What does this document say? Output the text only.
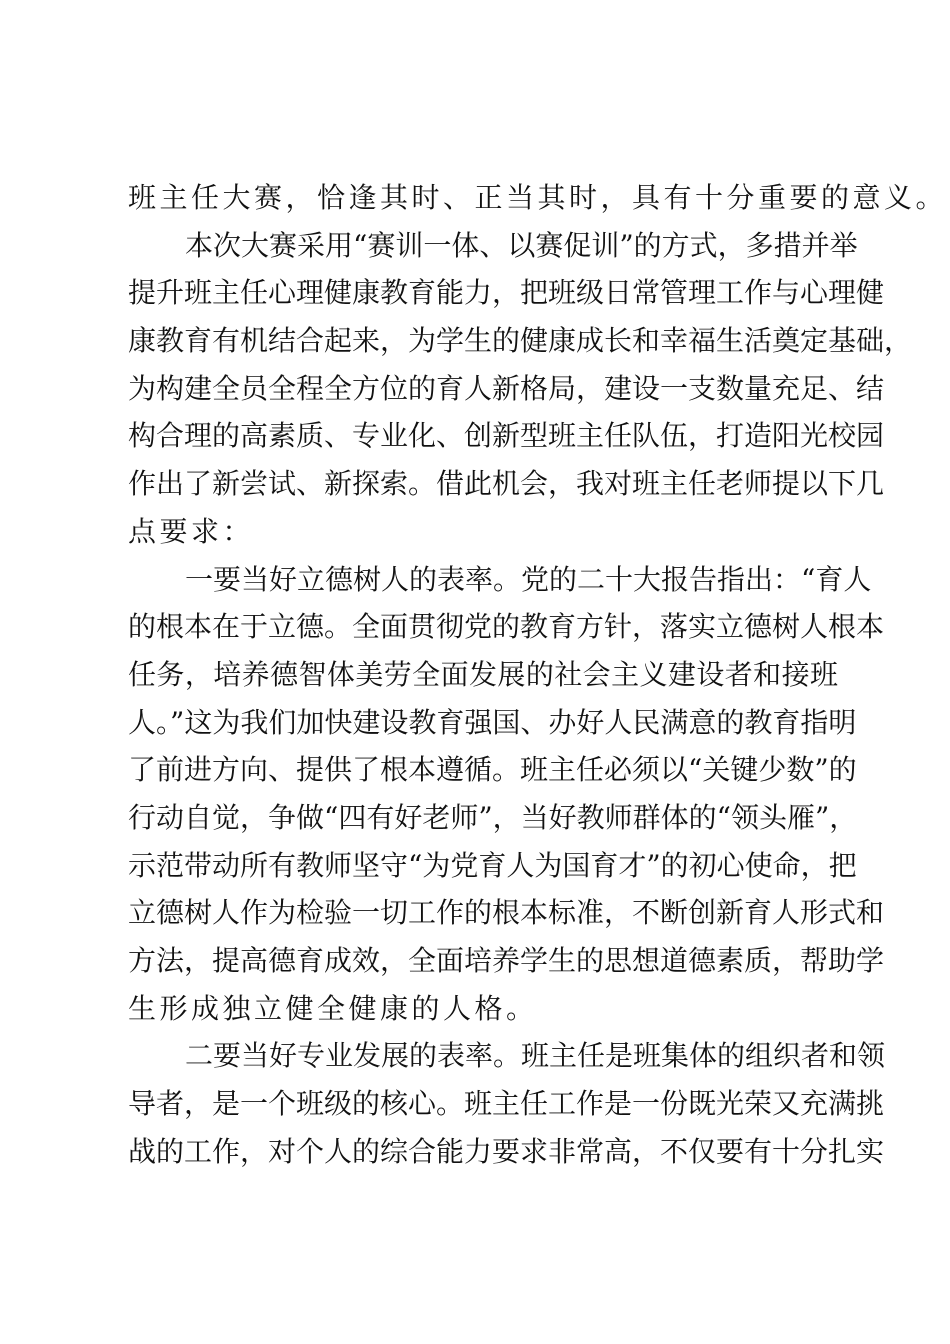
班主任大赛，恰逢其时、正当其时，具有十分重要的意义。
本次大赛采用“赛训一体、以赛促训”的方式，多措并举
提升班主任心理健康教育能力，把班级日常管理工作与心理健
康教育有机结合起来，为学生的健康成长和幸福生活奠定基础，
为构建全员全程全方位的育人新格局，建设一支数量充足、结
构合理的高素质、专业化、创新型班主任队伍，打造阳光校园
作出了新尝试、新探索。借此机会，我对班主任老师提以下几
点要求：
一要当好立德树人的表率。党的二十大报告指出：“育人
的根本在于立德。全面贯彻党的教育方针，落实立德树人根本
任务，培养德智体美劳全面发展的社会主义建设者和接班
人。”这为我们加快建设教育强国、办好人民满意的教育指明
了前进方向、提供了根本遵循。班主任必须以“关键少数”的
行动自觉，争做“四有好老师”，当好教师群体的“领头雁”，
示范带动所有教师坚守“为党育人为国育才”的初心使命，把
立德树人作为检验一切工作的根本标准，不断创新育人形式和
方法，提高德育成效，全面培养学生的思想道德素质，帮助学
生形成独立健全健康的人格。
二要当好专业发展的表率。班主任是班集体的组织者和领
导者，是一个班级的核心。班主任工作是一份既光荣又充满挑
战的工作，对个人的综合能力要求非常高，不仅要有十分扎实
